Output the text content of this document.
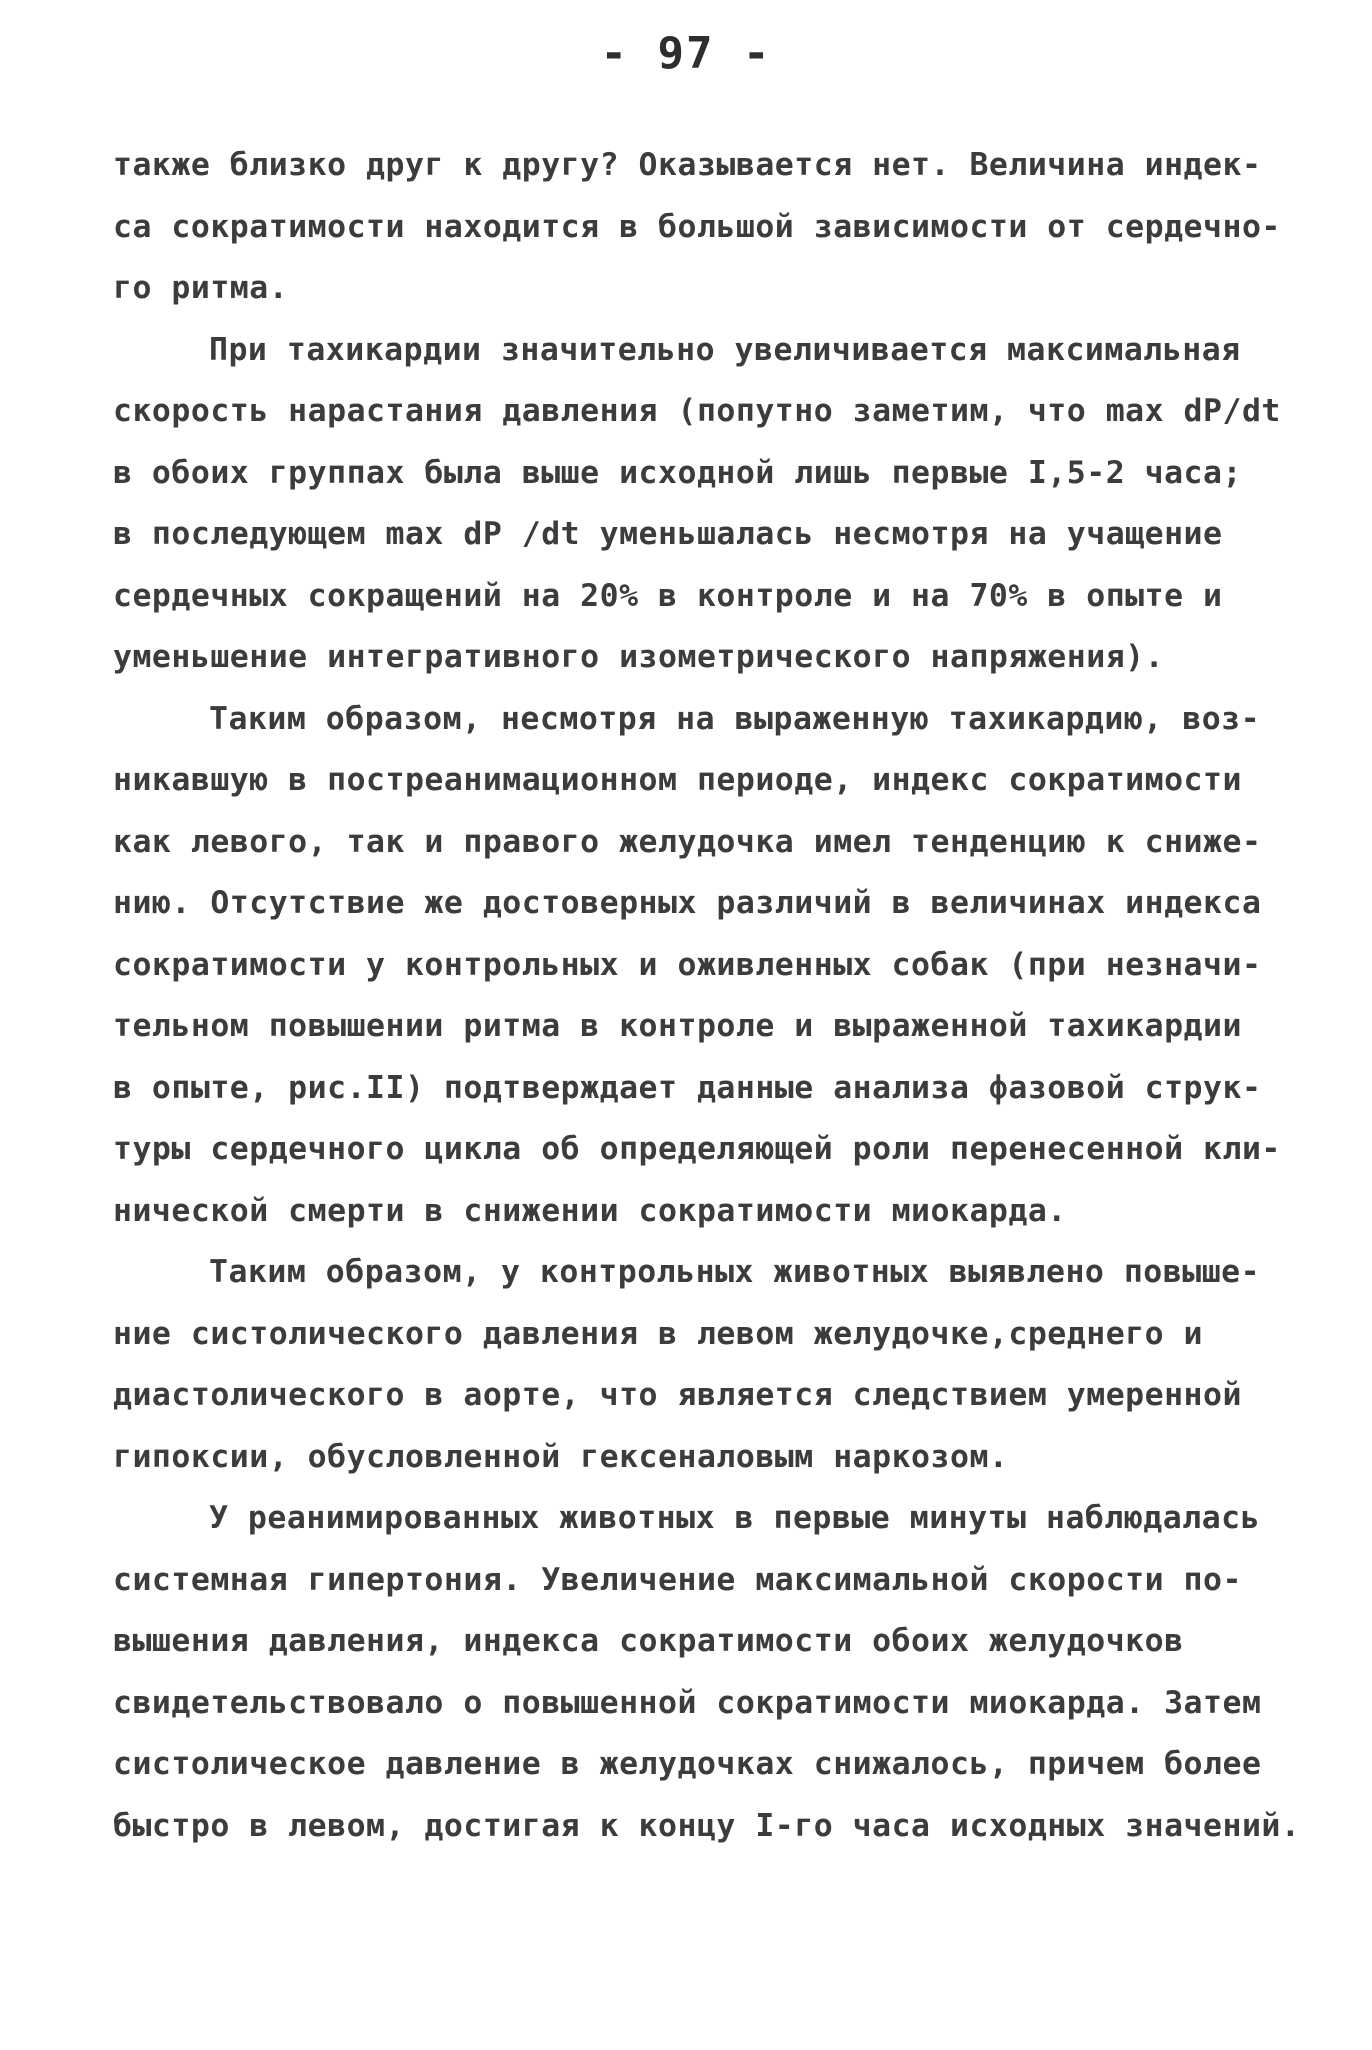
- 97 -
также близко друг к другу? Оказывается нет. Величина индек-
са сократимости находится в большой зависимости от сердечно-
го ритма.
При тахикардии значительно увеличивается максимальная
скорость нарастания давления (попутно заметим, что max dP/dt
в обоих группах была выше исходной лишь первые I,5-2 часа;
в последующем max dP /dt уменьшалась несмотря на учащение
сердечных сокращений на 20% в контроле и на 70% в опыте и
уменьшение интегративного изометрического напряжения).
Таким образом, несмотря на выраженную тахикардию, воз-
никавшую в постреанимационном периоде, индекс сократимости
как левого, так и правого желудочка имел тенденцию к сниже-
нию. Отсутствие же достоверных различий в величинах индекса
сократимости у контрольных и оживленных собак (при незначи-
тельном повышении ритма в контроле и выраженной тахикардии
в опыте, рис.II) подтверждает данные анализа фазовой струк-
туры сердечного цикла об определяющей роли перенесенной кли-
нической смерти в снижении сократимости миокарда.
Таким образом, у контрольных животных выявлено повыше-
ние систолического давления в левом желудочке,среднего и
диастолического в аорте, что является следствием умеренной
гипоксии, обусловленной гексеналовым наркозом.
У реанимированных животных в первые минуты наблюдалась
системная гипертония. Увеличение максимальной скорости по-
вышения давления, индекса сократимости обоих желудочков
свидетельствовало о повышенной сократимости миокарда. Затем
систолическое давление в желудочках снижалось, причем более
быстро в левом, достигая к концу I-го часа исходных значений.
